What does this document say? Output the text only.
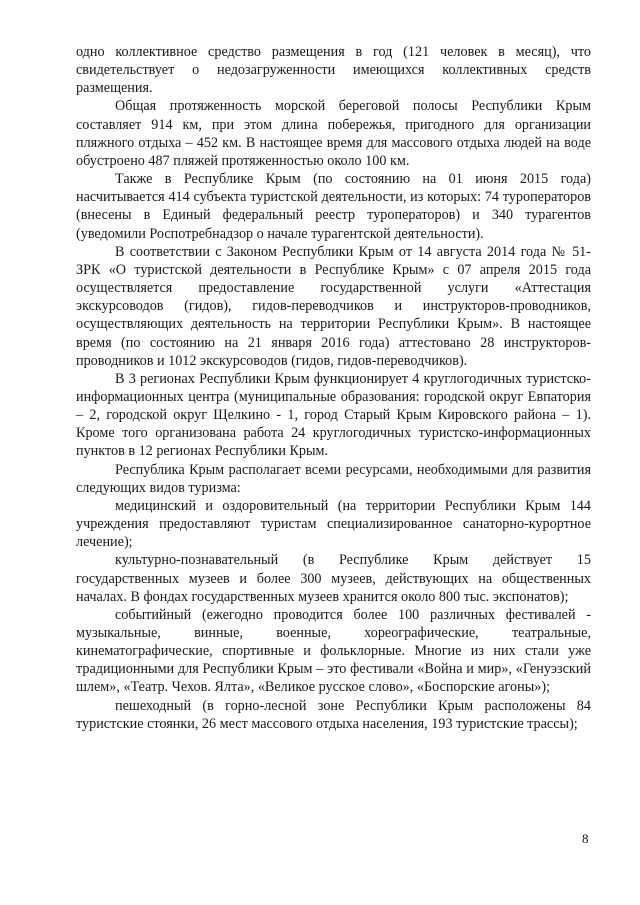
одно коллективное средство размещения в год (121 человек в месяц), что свидетельствует о недозагруженности имеющихся коллективных средств размещения.

Общая протяженность морской береговой полосы Республики Крым составляет 914 км, при этом длина побережья, пригодного для организации пляжного отдыха – 452 км. В настоящее время для массового отдыха людей на воде обустроено 487 пляжей протяженностью около 100 км.

Также в Республике Крым (по состоянию на 01 июня 2015 года) насчитывается 414 субъекта туристской деятельности, из которых: 74 туроператоров (внесены в Единый федеральный реестр туроператоров) и 340 турагентов (уведомили Роспотребнадзор о начале турагентской деятельности).

В соответствии с Законом Республики Крым от 14 августа 2014 года № 51-ЗРК «О туристской деятельности в Республике Крым» с 07 апреля 2015 года осуществляется предоставление государственной услуги «Аттестация экскурсоводов (гидов), гидов-переводчиков и инструкторов-проводников, осуществляющих деятельность на территории Республики Крым». В настоящее время (по состоянию на 21 января 2016 года) аттестовано 28 инструкторов-проводников и 1012 экскурсоводов (гидов, гидов-переводчиков).

В 3 регионах Республики Крым функционирует 4 круглогодичных туристско-информационных центра (муниципальные образования: городской округ Евпатория – 2, городской округ Щелкино - 1, город Старый Крым Кировского района – 1). Кроме того организована работа 24 круглогодичных туристско-информационных пунктов в 12 регионах Республики Крым.

Республика Крым располагает всеми ресурсами, необходимыми для развития следующих видов туризма:

медицинский и оздоровительный (на территории Республики Крым 144 учреждения предоставляют туристам специализированное санаторно-курортное лечение);

культурно-познавательный (в Республике Крым действует 15 государственных музеев и более 300 музеев, действующих на общественных началах. В фондах государственных музеев хранится около 800 тыс. экспонатов);

событийный (ежегодно проводится более 100 различных фестивалей - музыкальные, винные, военные, хореографические, театральные, кинематографические, спортивные и фольклорные. Многие из них стали уже традиционными для Республики Крым – это фестивали «Война и мир», «Генуэзский шлем», «Театр. Чехов. Ялта», «Великое русское слово», «Боспорские агоны»);

пешеходный (в горно-лесной зоне Республики Крым расположены 84 туристские стоянки, 26 мест массового отдыха населения, 193 туристские трассы);

8
